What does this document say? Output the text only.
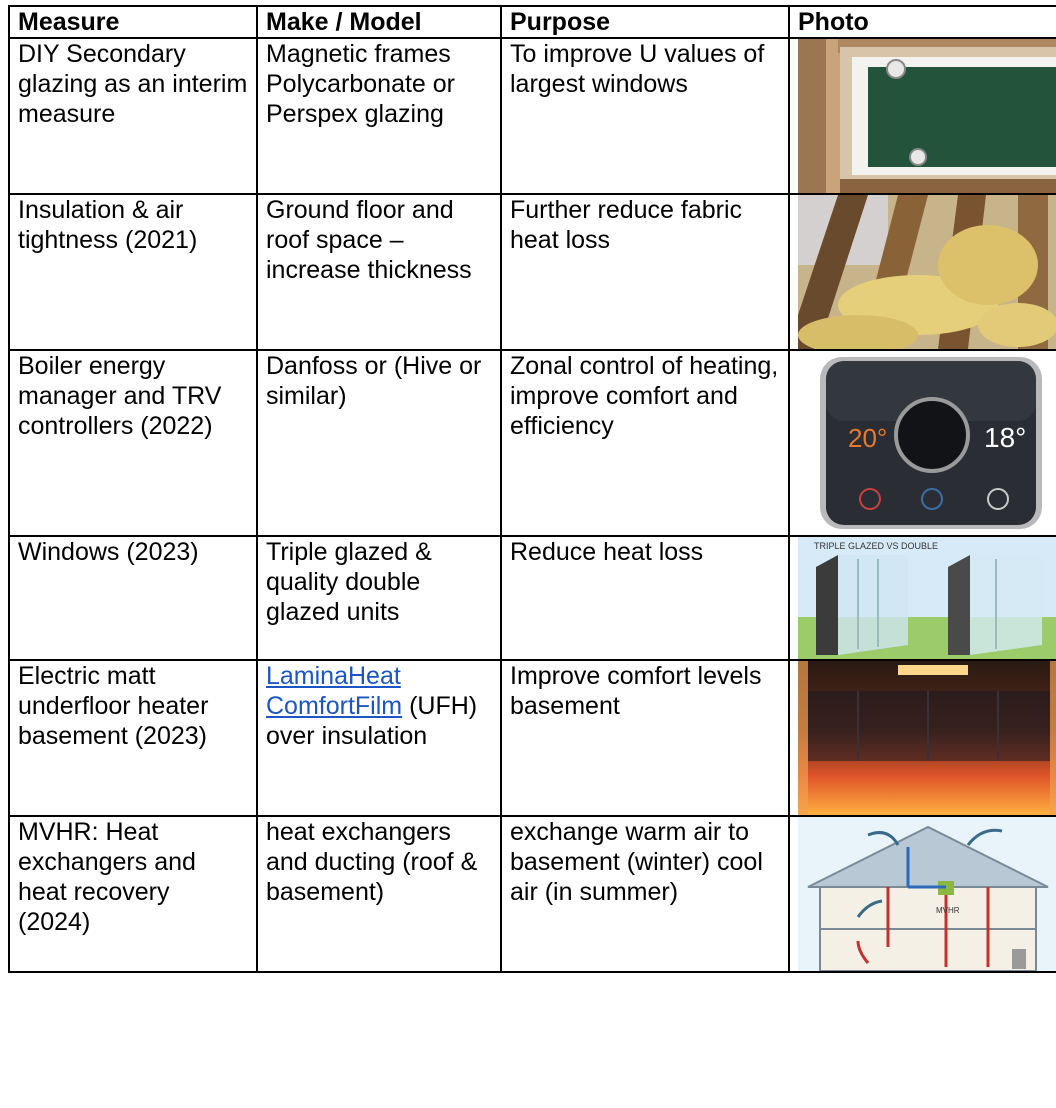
Measure	Make / Model	Purpose	Photo
DIY Secondary glazing as an interim measure	Magnetic frames Polycarbonate or Perspex glazing	To improve U values of largest windows	

Insulation & air tightness (2021)	Ground floor and roof space – increase thickness	Further reduce fabric heat loss	

Boiler energy manager and TRV controllers (2022)	Danfoss or (Hive or similar)	Zonal control of heating, improve comfort and efficiency	20° 18°

Windows (2023)	Triple glazed & quality double glazed units	Reduce heat loss	TRIPLE GLAZED VS DOUBLE

Electric matt underfloor heater basement (2023)	LaminaHeat ComfortFilm (UFH) over insulation	Improve comfort levels basement	

MVHR: Heat exchangers and heat recovery (2024)	heat exchangers and ducting (roof & basement)	exchange warm air to basement (winter) cool air (in summer)	MVHR
